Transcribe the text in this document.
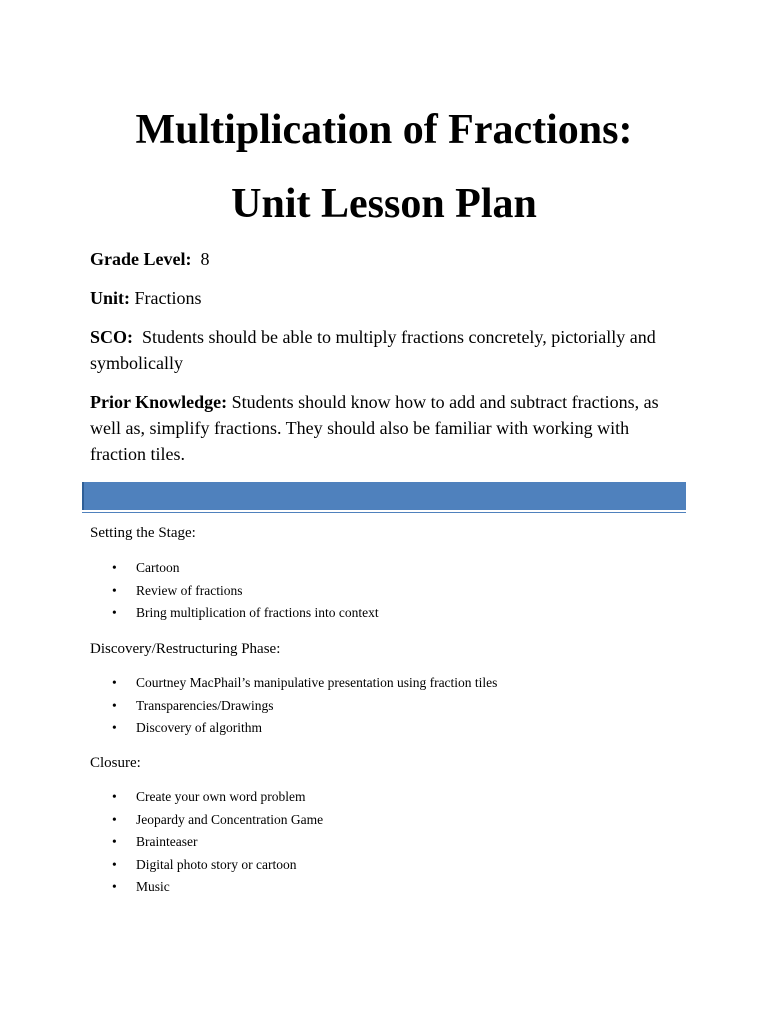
Multiplication of Fractions:
Unit Lesson Plan

Grade Level: 8

Unit: Fractions

SCO: Students should be able to multiply fractions concretely, pictorially and symbolically

Prior Knowledge: Students should know how to add and subtract fractions, as well as, simplify fractions. They should also be familiar with working with fraction tiles.

Setting the Stage:

• Cartoon
• Review of fractions
• Bring multiplication of fractions into context

Discovery/Restructuring Phase:

• Courtney MacPhail’s manipulative presentation using fraction tiles
• Transparencies/Drawings
• Discovery of algorithm

Closure:

• Create your own word problem
• Jeopardy and Concentration Game
• Brainteaser
• Digital photo story or cartoon
• Music
